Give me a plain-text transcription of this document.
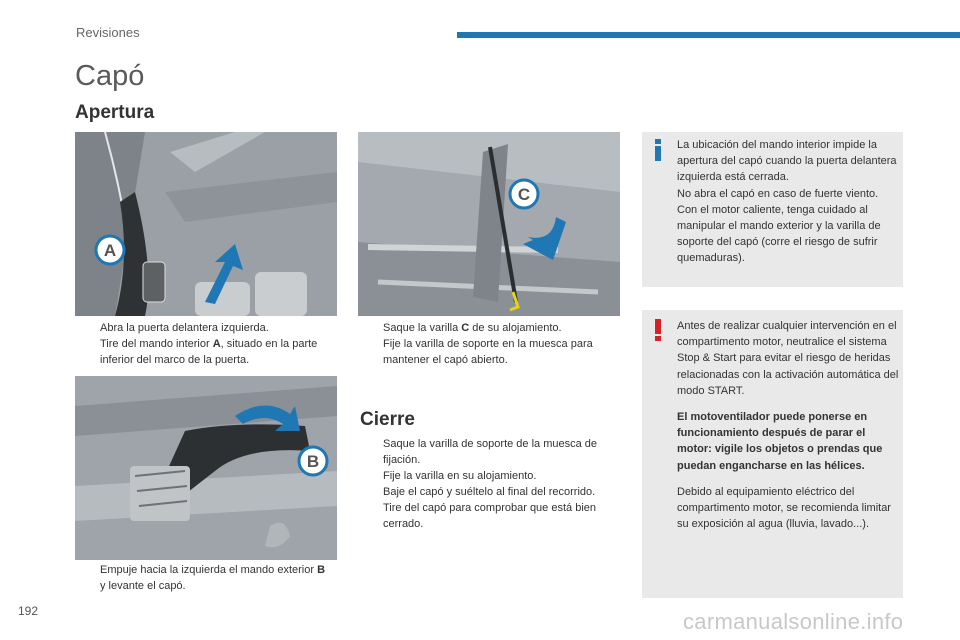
Revisiones
Capó
Apertura
A
C
B
Abra la puerta delantera izquierda.
Tire del mando interior A, situado en la parte inferior del marco de la puerta.
Saque la varilla C de su alojamiento.
Fije la varilla de soporte en la muesca para mantener el capó abierto.
Empuje hacia la izquierda el mando exterior B y levante el capó.
Cierre
Saque la varilla de soporte de la muesca de fijación.
Fije la varilla en su alojamiento.
Baje el capó y suéltelo al final del recorrido.
Tire del capó para comprobar que está bien cerrado.
La ubicación del mando interior impide la apertura del capó cuando la puerta delantera izquierda está cerrada.
No abra el capó en caso de fuerte viento.
Con el motor caliente, tenga cuidado al manipular el mando exterior y la varilla de soporte del capó (corre el riesgo de sufrir quemaduras).

Antes de realizar cualquier intervención en el compartimento motor, neutralice el sistema Stop & Start para evitar el riesgo de heridas relacionadas con la activación automática del modo START.

El motoventilador puede ponerse en funcionamiento después de parar el motor: vigile los objetos o prendas que puedan engancharse en las hélices.

Debido al equipamiento eléctrico del compartimento motor, se recomienda limitar su exposición al agua (lluvia, lavado...).

192	carmanualsonline.info
